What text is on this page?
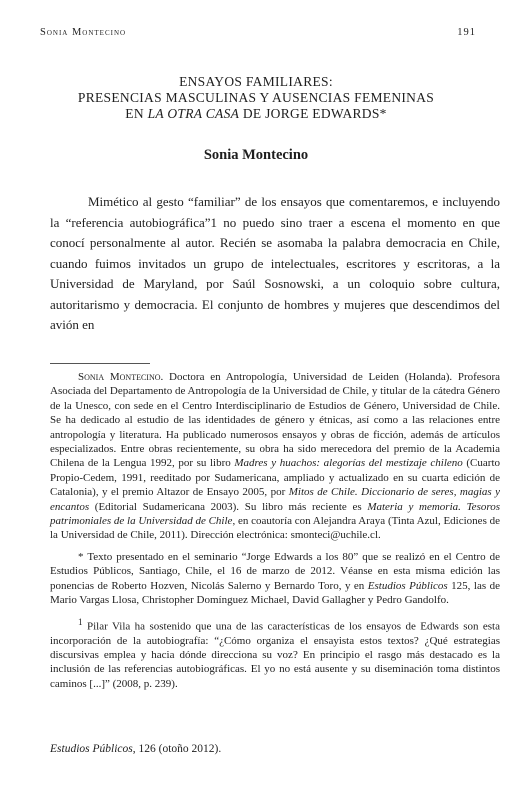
Sonia Montecino	191
ENSAYOS FAMILIARES:
PRESENCIAS MASCULINAS Y AUSENCIAS FEMENINAS
EN LA OTRA CASA DE JORGE EDWARDS*
Sonia Montecino

Mimético al gesto “familiar” de los ensayos que comentaremos, e incluyendo la “referencia autobiográfica”1 no puedo sino traer a escena el momento en que conocí personalmente al autor. Recién se asomaba la palabra democracia en Chile, cuando fuimos invitados un grupo de intelectuales, escritores y escritoras, a la Universidad de Maryland, por Saúl Sosnowski, a un coloquio sobre cultura, autoritarismo y democracia. El conjunto de hombres y mujeres que descendimos del avión en

Sonia Montecino. Doctora en Antropología, Universidad de Leiden (Holanda). Profesora Asociada del Departamento de Antropología de la Universidad de Chile, y titular de la cátedra Género de la Unesco, con sede en el Centro Interdisciplinario de Estudios de Género, Universidad de Chile. Se ha dedicado al estudio de las identidades de género y étnicas, así como a las relaciones entre antropología y literatura. Ha publicado numerosos ensayos y obras de ficción, además de artículos especializados. Entre obras recientemente, su obra ha sido merecedora del premio de la Academia Chilena de la Lengua 1992, por su libro Madres y huachos: alegorías del mestizaje chileno (Cuarto Propio-Cedem, 1991, reeditado por Sudamericana, ampliado y actualizado en su cuarta edición de Catalonia), y el premio Altazor de Ensayo 2005, por Mitos de Chile. Diccionario de seres, magias y encantos (Editorial Sudamericana 2003). Su libro más reciente es Materia y memoria. Tesoros patrimoniales de la Universidad de Chile, en coautoría con Alejandra Araya (Tinta Azul, Ediciones de la Universidad de Chile, 2011). Dirección electrónica: smonteci@uchile.cl.

* Texto presentado en el seminario “Jorge Edwards a los 80” que se realizó en el Centro de Estudios Públicos, Santiago, Chile, el 16 de marzo de 2012. Véanse en esta misma edición las ponencias de Roberto Hozven, Nicolás Salerno y Bernardo Toro, y en Estudios Públicos 125, las de Mario Vargas Llosa, Christopher Domínguez Michael, David Gallagher y Pedro Gandolfo.

$^1$ Pilar Vila ha sostenido que una de las características de los ensayos de Edwards son esta incorporación de la autobiografía: “¿Cómo organiza el ensayista estos textos? ¿Qué estrategias discursivas emplea y hacia dónde direcciona su voz? En principio el rasgo más destacado es la inclusión de las referencias autobiográficas. El yo no está ausente y su diseminación toma distintos caminos [...]” (2008, p. 239).

Estudios Públicos, 126 (otoño 2012).
